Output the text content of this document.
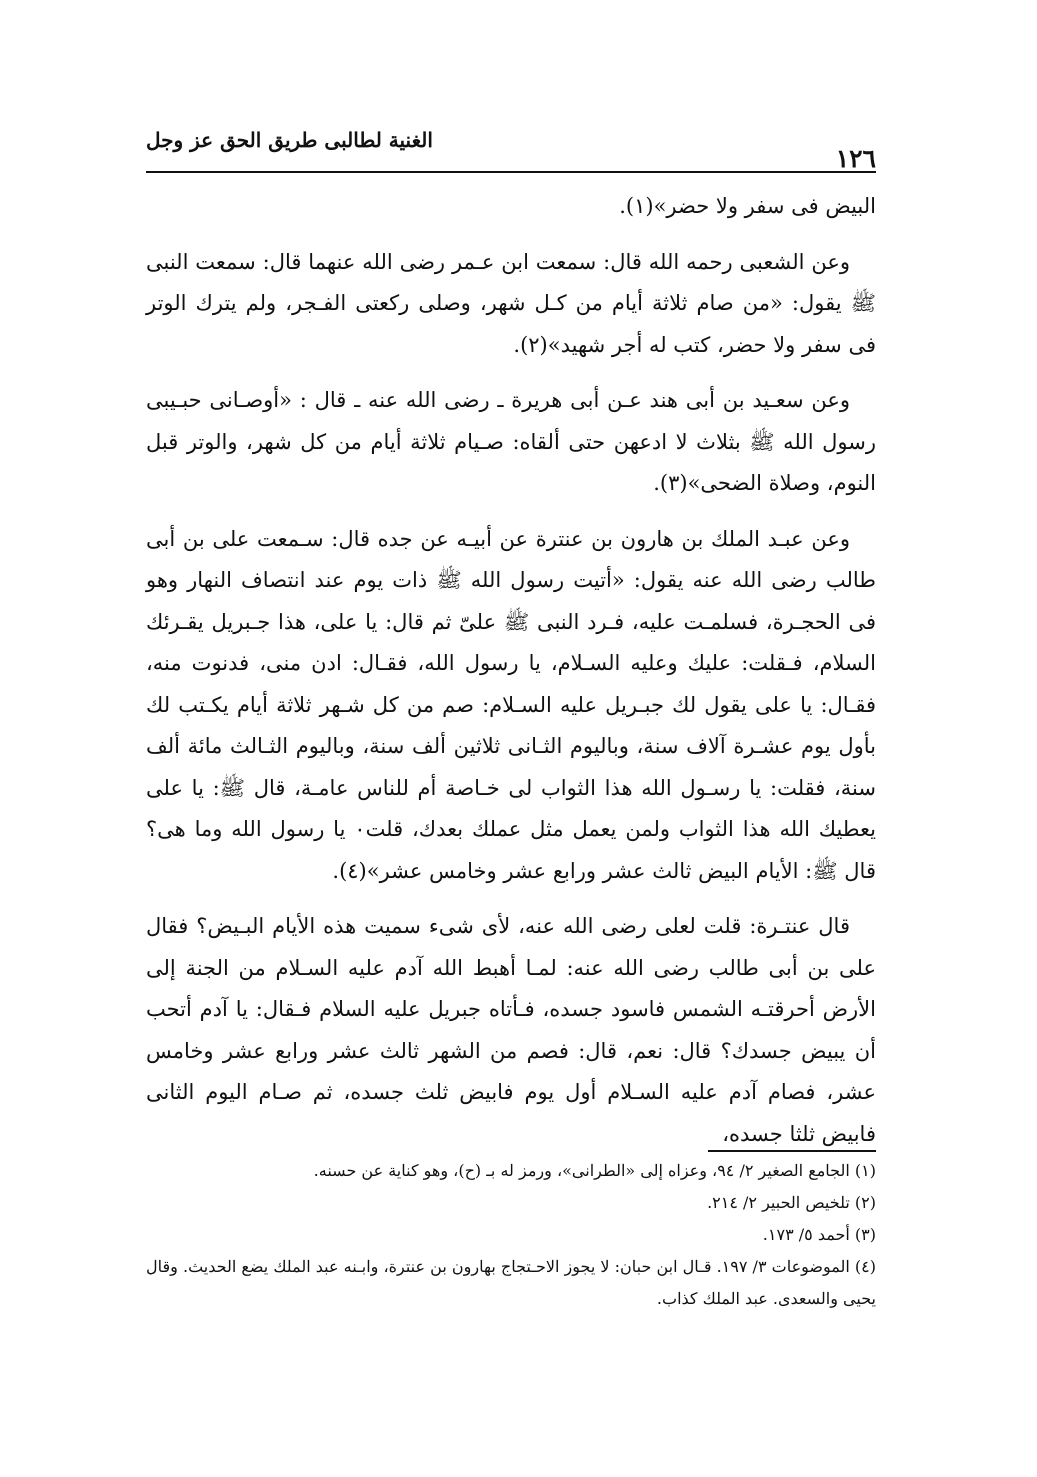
١٢٦
الغنية لطالبى طريق الحق عز وجل

البيض فى سفر ولا حضر»(١).

وعن الشعبى رحمه الله قال: سمعت ابن عـمر رضى الله عنهما قال: سمعت النبى ﷺ يقول: «من صام ثلاثة أيام من كـل شهر، وصلى ركعتى الفـجر، ولم يترك الوتر فى سفر ولا حضر، كتب له أجر شهيد»(٢).

وعن سعـيد بن أبى هند عـن أبى هريرة ـ رضى الله عنه ـ قال : «أوصـانى حبـيبى رسول الله ﷺ بثلاث لا ادعهن حتى ألقاه: صـيام ثلاثة أيام من كل شهر، والوتر قبل النوم، وصلاة الضحى»(٣).

وعن عبـد الملك بن هارون بن عنترة عن أبيـه عن جده قال: سـمعت على بن أبى طالب رضى الله عنه يقول: «أتيت رسول الله ﷺ ذات يوم عند انتصاف النهار وهو فى الحجـرة، فسلمـت عليه، فـرد النبى ﷺ علىّ ثم قال: يا على، هذا جـبريل يقـرئك السلام، فـقلت: عليك وعليه السـلام، يا رسول الله، فقـال: ادن منى، فدنوت منه، فقـال: يا على يقول لك جبـريل عليه السـلام: صم من كل شـهر ثلاثة أيام يكـتب لك بأول يوم عشـرة آلاف سنة، وباليوم الثـانى ثلاثين ألف سنة، وباليوم الثـالث مائة ألف سنة، فقلت: يا رسـول الله هذا الثواب لى خـاصة أم للناس عامـة، قال ﷺ: يا على يعطيك الله هذا الثواب ولمن يعمل مثل عملك بعدك، قلت٠ يا رسول الله وما هى؟ قال ﷺ: الأيام البيض ثالث عشر ورابع عشر وخامس عشر»(٤).

قال عنتـرة: قلت لعلى رضى الله عنه، لأى شىء سميت هذه الأيام البـيض؟ فقال على بن أبى طالب رضى الله عنه: لمـا أهبط الله آدم عليه السـلام من الجنة إلى الأرض أحرقتـه الشمس فاسود جسده، فـأتاه جبريل عليه السلام فـقال: يا آدم أتحب أن يبيض جسدك؟ قال: نعم، قال: فصم من الشهر ثالث عشر ورابع عشر وخامس عشر، فصام آدم عليه السـلام أول يوم فابيض ثلث جسده، ثم صـام اليوم الثانى فابيض ثلثا جسده،

(١) الجامع الصغير ٢/ ٩٤، وعزاه إلى «الطرانى»، ورمز له بـ (ح)، وهو كناية عن حسنه.

(٢) تلخيص الحبير ٢/ ٢١٤.

(٣) أحمد ٥/ ١٧٣.

(٤) الموضوعات ٣/ ١٩٧. قـال ابن حبان: لا يجوز الاحـتجاج بهارون بن عنترة، وابـنه عبد الملك يضع الحديث. وقال يحيى والسعدى. عبد الملك كذاب.
